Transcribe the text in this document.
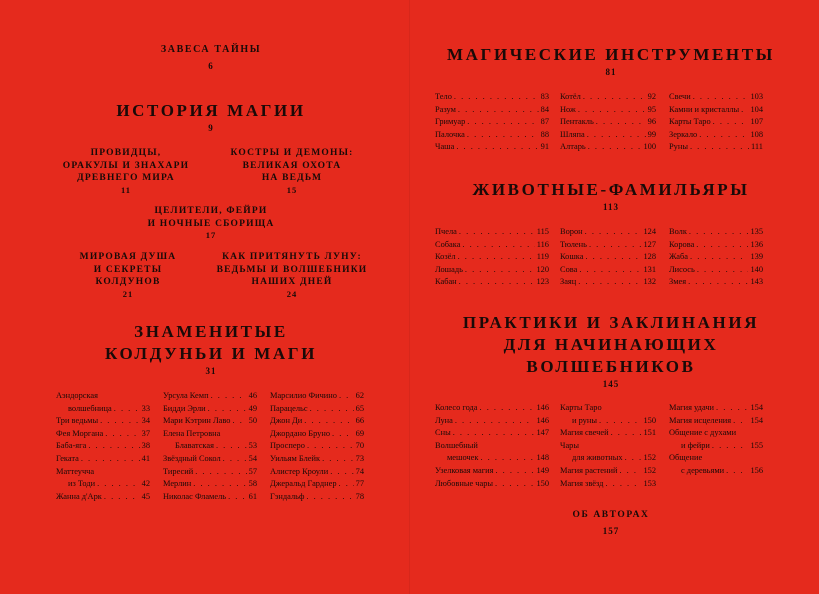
ЗАВЕСА ТАЙНЫ
6
ИСТОРИЯ МАГИИ
9
ПРОВИДЦЫ,
ОРАКУЛЫ И ЗНАХАРИ
ДРЕВНЕГО МИРА
11
КОСТРЫ И ДЕМОНЫ:
ВЕЛИКАЯ ОХОТА
НА ВЕДЬМ
15
ЦЕЛИТЕЛИ, ФЕЙРИ
И НОЧНЫЕ СБОРИЩА
17
МИРОВАЯ ДУША
И СЕКРЕТЫ
КОЛДУНОВ
21
КАК ПРИТЯНУТЬ ЛУНУ:
ВЕДЬМЫ И ВОЛШЕБНИКИ
НАШИХ ДНЕЙ
24
ЗНАМЕНИТЫЕ
КОЛДУНЬИ И МАГИ
31
Аэндорская
волшебница . . .	33
Три ведьмы . . .	34
Фея Моргана . . .	37
Баба-яга . . .	38
Геката . . .	41
Маттеучча
из Тоди . . .	42
Жанна д'Арк . . .	45
Урсула Кемп . . .	46
Бидди Эрли . . .	49
Мари Кэтрин Лаво . . . 50
Елена Петровна
Блаватская . . .	53
Звёздный Сокол . . .	54
Тиресий . . .	57
Мерлин . . .	58
Николас Фламель . . .	61
Марсилио Фичино . . . 62
Парацельс . . .	65
Джон Ди . . .	66
Джордано Бруно . . .	69
Просперо . . .	70
Уильям Блейк . . .	73
Алистер Кроули . . .	74
Джеральд Гарднер . . . 77
Гэндальф . . .	78
МАГИЧЕСКИЕ ИНСТРУМЕНТЫ
81
Тело . . .	83
Разум . . .	84
Гримуар . . .	87
Палочка . . .	88
Чаша . . .	91
Котёл . . .	92
Нож . . .	95
Пентакль . . .	96
Шляпа . . .	99
Алтарь . . .	100
Свечи . . .	103
Камни и кристаллы . . . 104
Карты Таро . . .	107
Зеркало . . .	108
Руны . . .	111
ЖИВОТНЫЕ-ФАМИЛЬЯРЫ
113
Пчела . . .	115
Собака . . .	116
Козёл . . .	119
Лошадь . . .	120
Кабан . . .	123
Ворон . . .	124
Тюлень . . .	127
Кошка . . .	128
Сова . . .	131
Заяц . . .	132
Волк . . .	135
Корова . . .	136
Жаба . . .	139
Лисось . . .	140
Змея . . .	143
ПРАКТИКИ И ЗАКЛИНАНИЯ
ДЛЯ НАЧИНАЮЩИХ
ВОЛШЕБНИКОВ
145
Колесо года . . .	146
Луна . . .	146
Сны . . .	147
Волшебный
мешочек . . .	148
Узелковая магия . . .	149
Любовные чары . . .	150
Карты Таро
и руны . . .	150
Магия свечей . . .	151
Чары
для животных . . . 152
Магия растений . . .	152
Магия звёзд . . .	153
Магия удачи . . .	154
Магия исцеления . . . 154
Общение с духами
и фейри . . .	155
Общение
с деревьями . . .	156
ОБ АВТОРАХ
157
